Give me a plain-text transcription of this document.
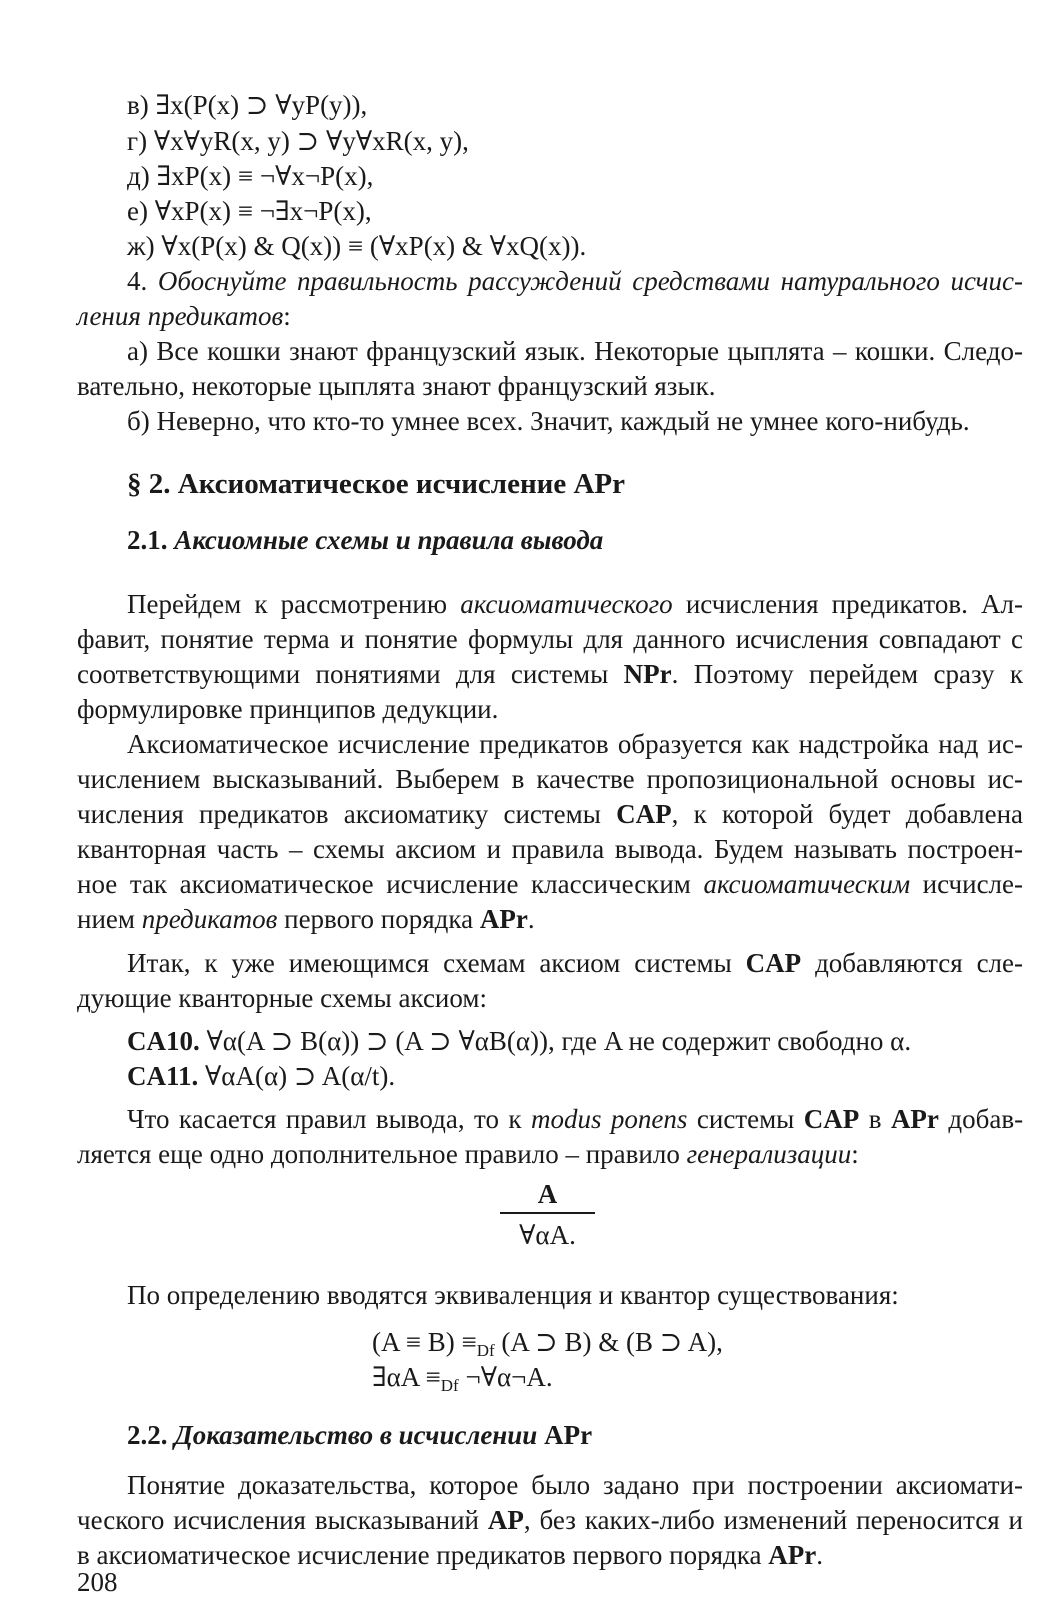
в) ∃x(P(x) ⊃ ∀yP(y)),
г) ∀x∀yR(x, y) ⊃ ∀y∀xR(x, y),
д) ∃xP(x) ≡ ¬∀x¬P(x),
е) ∀xP(x) ≡ ¬∃x¬P(x),
ж) ∀x(P(x) & Q(x)) ≡ (∀xP(x) & ∀xQ(x)).
4. Обоснуйте правильность рассуждений средствами натурального исчис-
ления предикатов:
а) Все кошки знают французский язык. Некоторые цыплята – кошки. Следо-
вательно, некоторые цыплята знают французский язык.
б) Неверно, что кто-то умнее всех. Значит, каждый не умнее кого-нибудь.
§ 2. Аксиоматическое исчисление APr
2.1. Аксиомные схемы и правила вывода
Перейдем к рассмотрению аксиоматического исчисления предикатов. Ал-
фавит, понятие терма и понятие формулы для данного исчисления совпадают с
соответствующими понятиями для системы NPr. Поэтому перейдем сразу к
формулировке принципов дедукции.
Аксиоматическое исчисление предикатов образуется как надстройка над ис-
числением высказываний. Выберем в качестве пропозициональной основы ис-
числения предикатов аксиоматику системы CAP, к которой будет добавлена
кванторная часть – схемы аксиом и правила вывода. Будем называть построен-
ное так аксиоматическое исчисление классическим аксиоматическим исчисле-
нием предикатов первого порядка APr.
Итак, к уже имеющимся схемам аксиом системы CAP добавляются сле-
дующие кванторные схемы аксиом:
CA10. ∀α(A ⊃ B(α)) ⊃ (A ⊃ ∀αB(α)), где A не содержит свободно α.
CA11. ∀αA(α) ⊃ A(α/t).
Что касается правил вывода, то к modus ponens системы CAP в APr добав-
ляется еще одно дополнительное правило – правило генерализации:
A
∀αA.
По определению вводятся эквиваленция и квантор существования:
$(A \equiv B) \equiv_{Df}$ (A ⊃ B) & (B ⊃ A),
∃αA $\equiv_{Df}$ ¬∀α¬A.
2.2. Доказательство в исчислении APr
Понятие доказательства, которое было задано при построении аксиомати-
ческого исчисления высказываний AP, без каких-либо изменений переносится и
в аксиоматическое исчисление предикатов первого порядка APr.
208
